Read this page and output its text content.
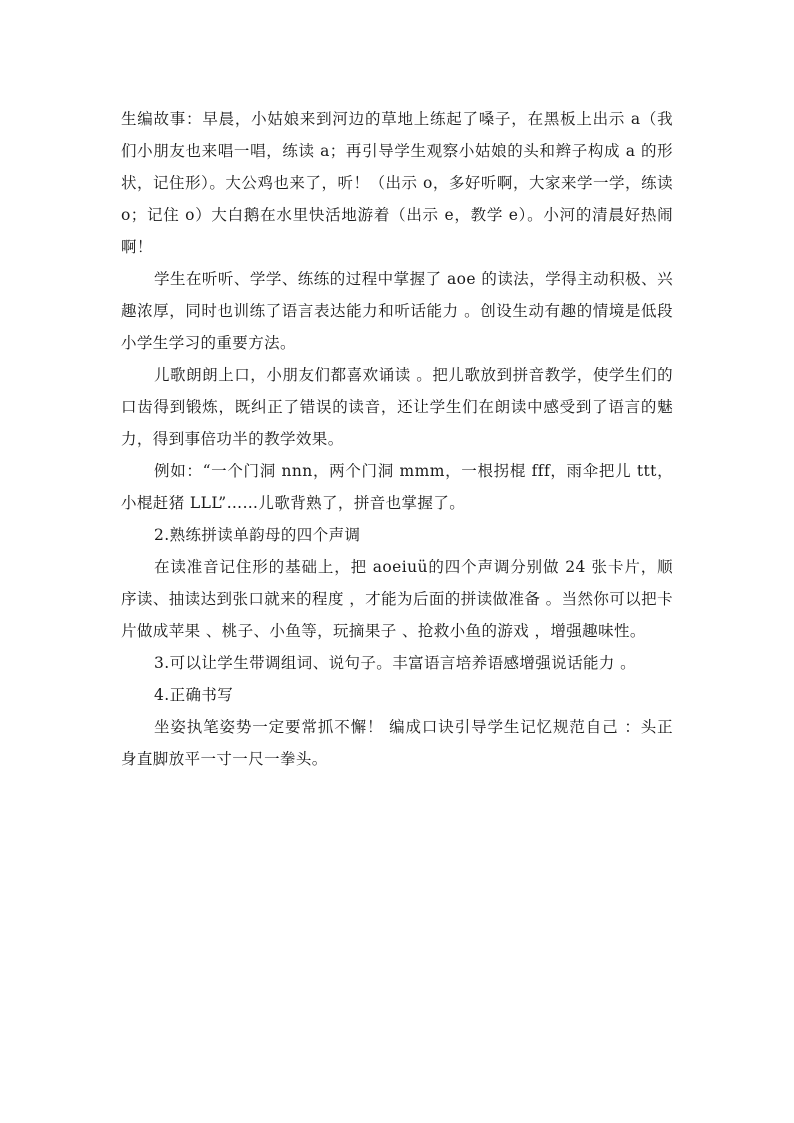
生编故事：早晨，小姑娘来到河边的草地上练起了嗓子，在黑板上出示 a（我们小朋友也来唱一唱，练读 a；再引导学生观察小姑娘的头和辫子构成 a 的形状，记住形）。大公鸡也来了，听！（出示 o，多好听啊，大家来学一学，练读 o；记住 o）大白鹅在水里快活地游着（出示 e，教学 e）。小河的清晨好热闹啊！

学生在听听、学学、练练的过程中掌握了 aoe 的读法，学得主动积极、兴趣浓厚，同时也训练了语言表达能力和听话能力 。创设生动有趣的情境是低段小学生学习的重要方法。

儿歌朗朗上口，小朋友们都喜欢诵读 。把儿歌放到拼音教学，使学生们的口齿得到锻炼，既纠正了错误的读音，还让学生们在朗读中感受到了语言的魅力，得到事倍功半的教学效果。

例如：“一个门洞 nnn，两个门洞 mmm，一根拐棍 fff，雨伞把儿 ttt，小棍赶猪 LLL”……儿歌背熟了，拼音也掌握了。

2.熟练拼读单韵母的四个声调

在读准音记住形的基础上，把 aoeiuü的四个声调分别做 24 张卡片，顺序读、抽读达到张口就来的程度 ，才能为后面的拼读做准备 。当然你可以把卡片做成苹果 、桃子、小鱼等，玩摘果子 、抢救小鱼的游戏 ，增强趣味性。

3.可以让学生带调组词、说句子。丰富语言培养语感增强说话能力 。

4.正确书写

坐姿执笔姿势一定要常抓不懈！ 编成口诀引导学生记忆规范自己 ：头正身直脚放平一寸一尺一拳头。
